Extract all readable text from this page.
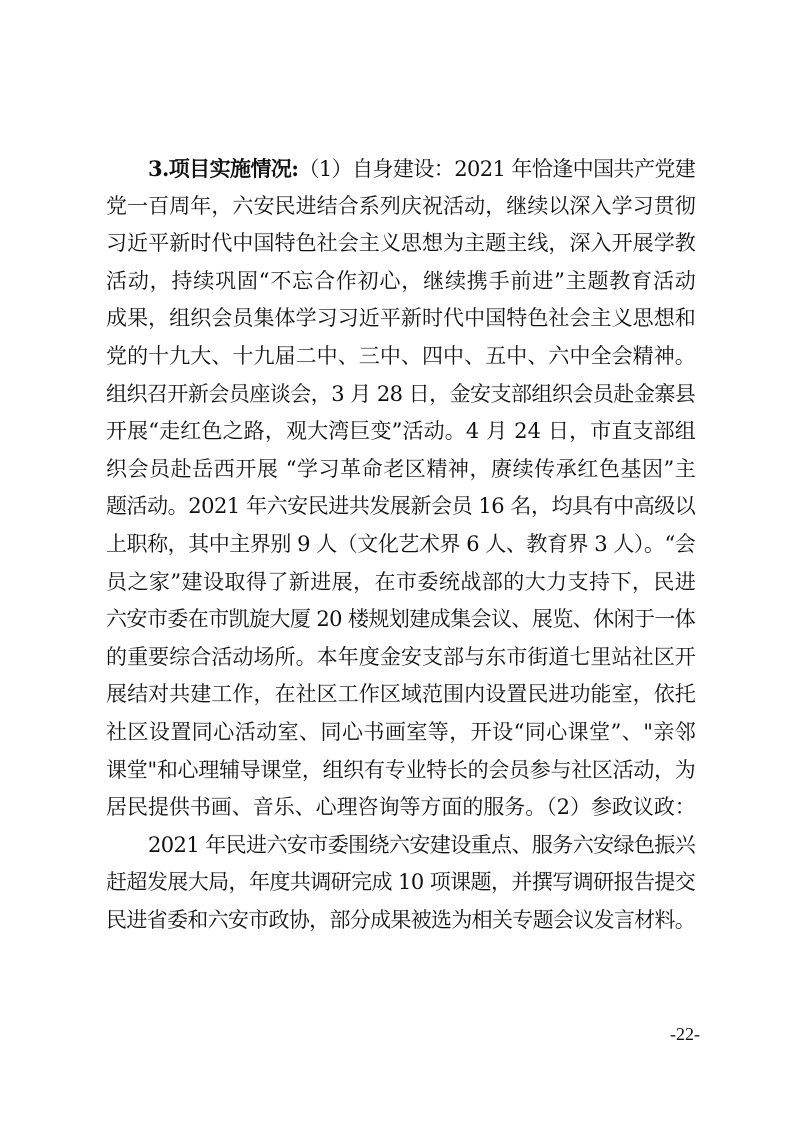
3.项目实施情况:（1）自身建设：2021 年恰逢中国共产党建
党一百周年，六安民进结合系列庆祝活动，继续以深入学习贯彻
习近平新时代中国特色社会主义思想为主题主线，深入开展学教
活动，持续巩固“不忘合作初心，继续携手前进”主题教育活动
成果，组织会员集体学习习近平新时代中国特色社会主义思想和
党的十九大、十九届二中、三中、四中、五中、六中全会精神。
组织召开新会员座谈会，3 月 28 日，金安支部组织会员赴金寨县
开展“走红色之路，观大湾巨变”活动。4 月 24 日，市直支部组
织会员赴岳西开展 “学习革命老区精神，赓续传承红色基因”主
题活动。2021 年六安民进共发展新会员 16 名，均具有中高级以
上职称，其中主界别 9 人（文化艺术界 6 人、教育界 3 人）。“会
员之家”建设取得了新进展，在市委统战部的大力支持下，民进
六安市委在市凯旋大厦 20 楼规划建成集会议、展览、休闲于一体
的重要综合活动场所。本年度金安支部与东市街道七里站社区开
展结对共建工作，在社区工作区域范围内设置民进功能室，依托
社区设置同心活动室、同心书画室等，开设“同心课堂”、"亲邻
课堂"和心理辅导课堂，组织有专业特长的会员参与社区活动，为
居民提供书画、音乐、心理咨询等方面的服务。（2）参政议政：
2021 年民进六安市委围绕六安建设重点、服务六安绿色振兴
赶超发展大局，年度共调研完成 10 项课题，并撰写调研报告提交
民进省委和六安市政协，部分成果被选为相关专题会议发言材料。
-22-
